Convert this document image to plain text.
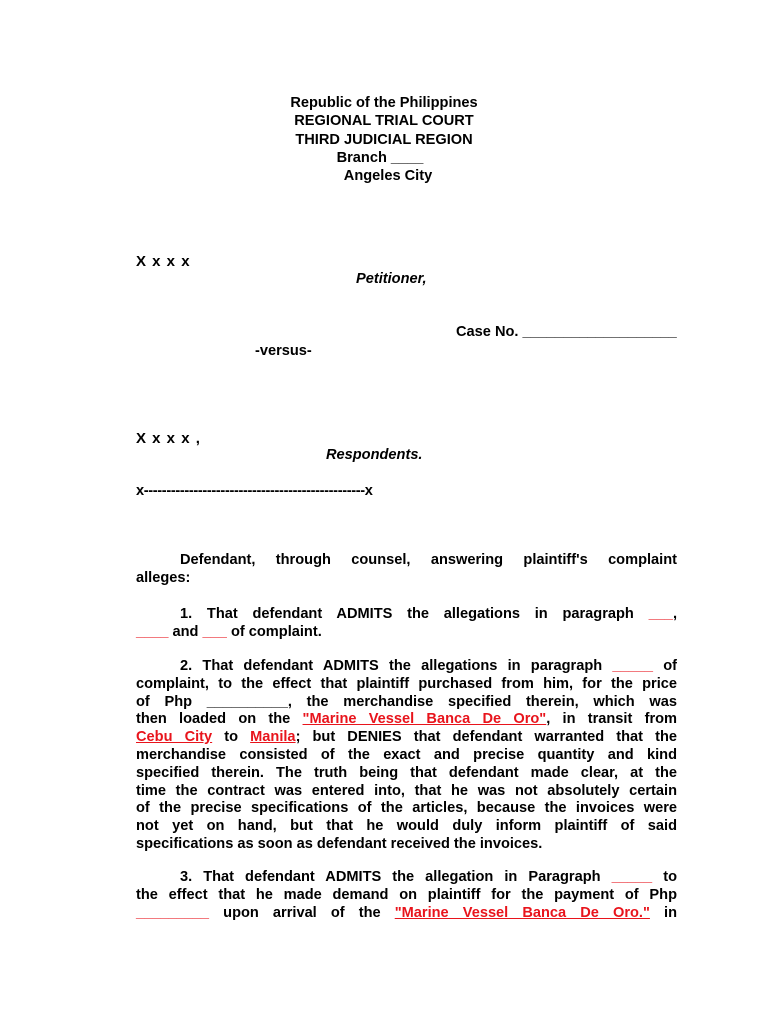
Republic of the Philippines
REGIONAL TRIAL COURT
THIRD JUDICIAL REGION
Branch ____
Angeles City
X x x x
Petitioner,
Case No. ___________________
-versus-
X x x x ,
Respondents.
x-------------------------------------------------x
Defendant, through counsel, answering plaintiff's complaint
alleges:
1. That defendant ADMITS the allegations in paragraph ___,
____ and ___ of complaint.
2. That defendant ADMITS the allegations in paragraph _____ of
complaint, to the effect that plaintiff purchased from him, for the price
of Php __________, the merchandise specified therein, which was
then loaded on the "Marine Vessel Banca De Oro", in transit from
Cebu City to Manila; but DENIES that defendant warranted that the
merchandise consisted of the exact and precise quantity and kind
specified therein. The truth being that defendant made clear, at the
time the contract was entered into, that he was not absolutely certain
of the precise specifications of the articles, because the invoices were
not yet on hand, but that he would duly inform plaintiff of said
specifications as soon as defendant received the invoices.
3. That defendant ADMITS the allegation in Paragraph _____ to
the effect that he made demand on plaintiff for the payment of Php
_________ upon arrival of the "Marine Vessel Banca De Oro." in
